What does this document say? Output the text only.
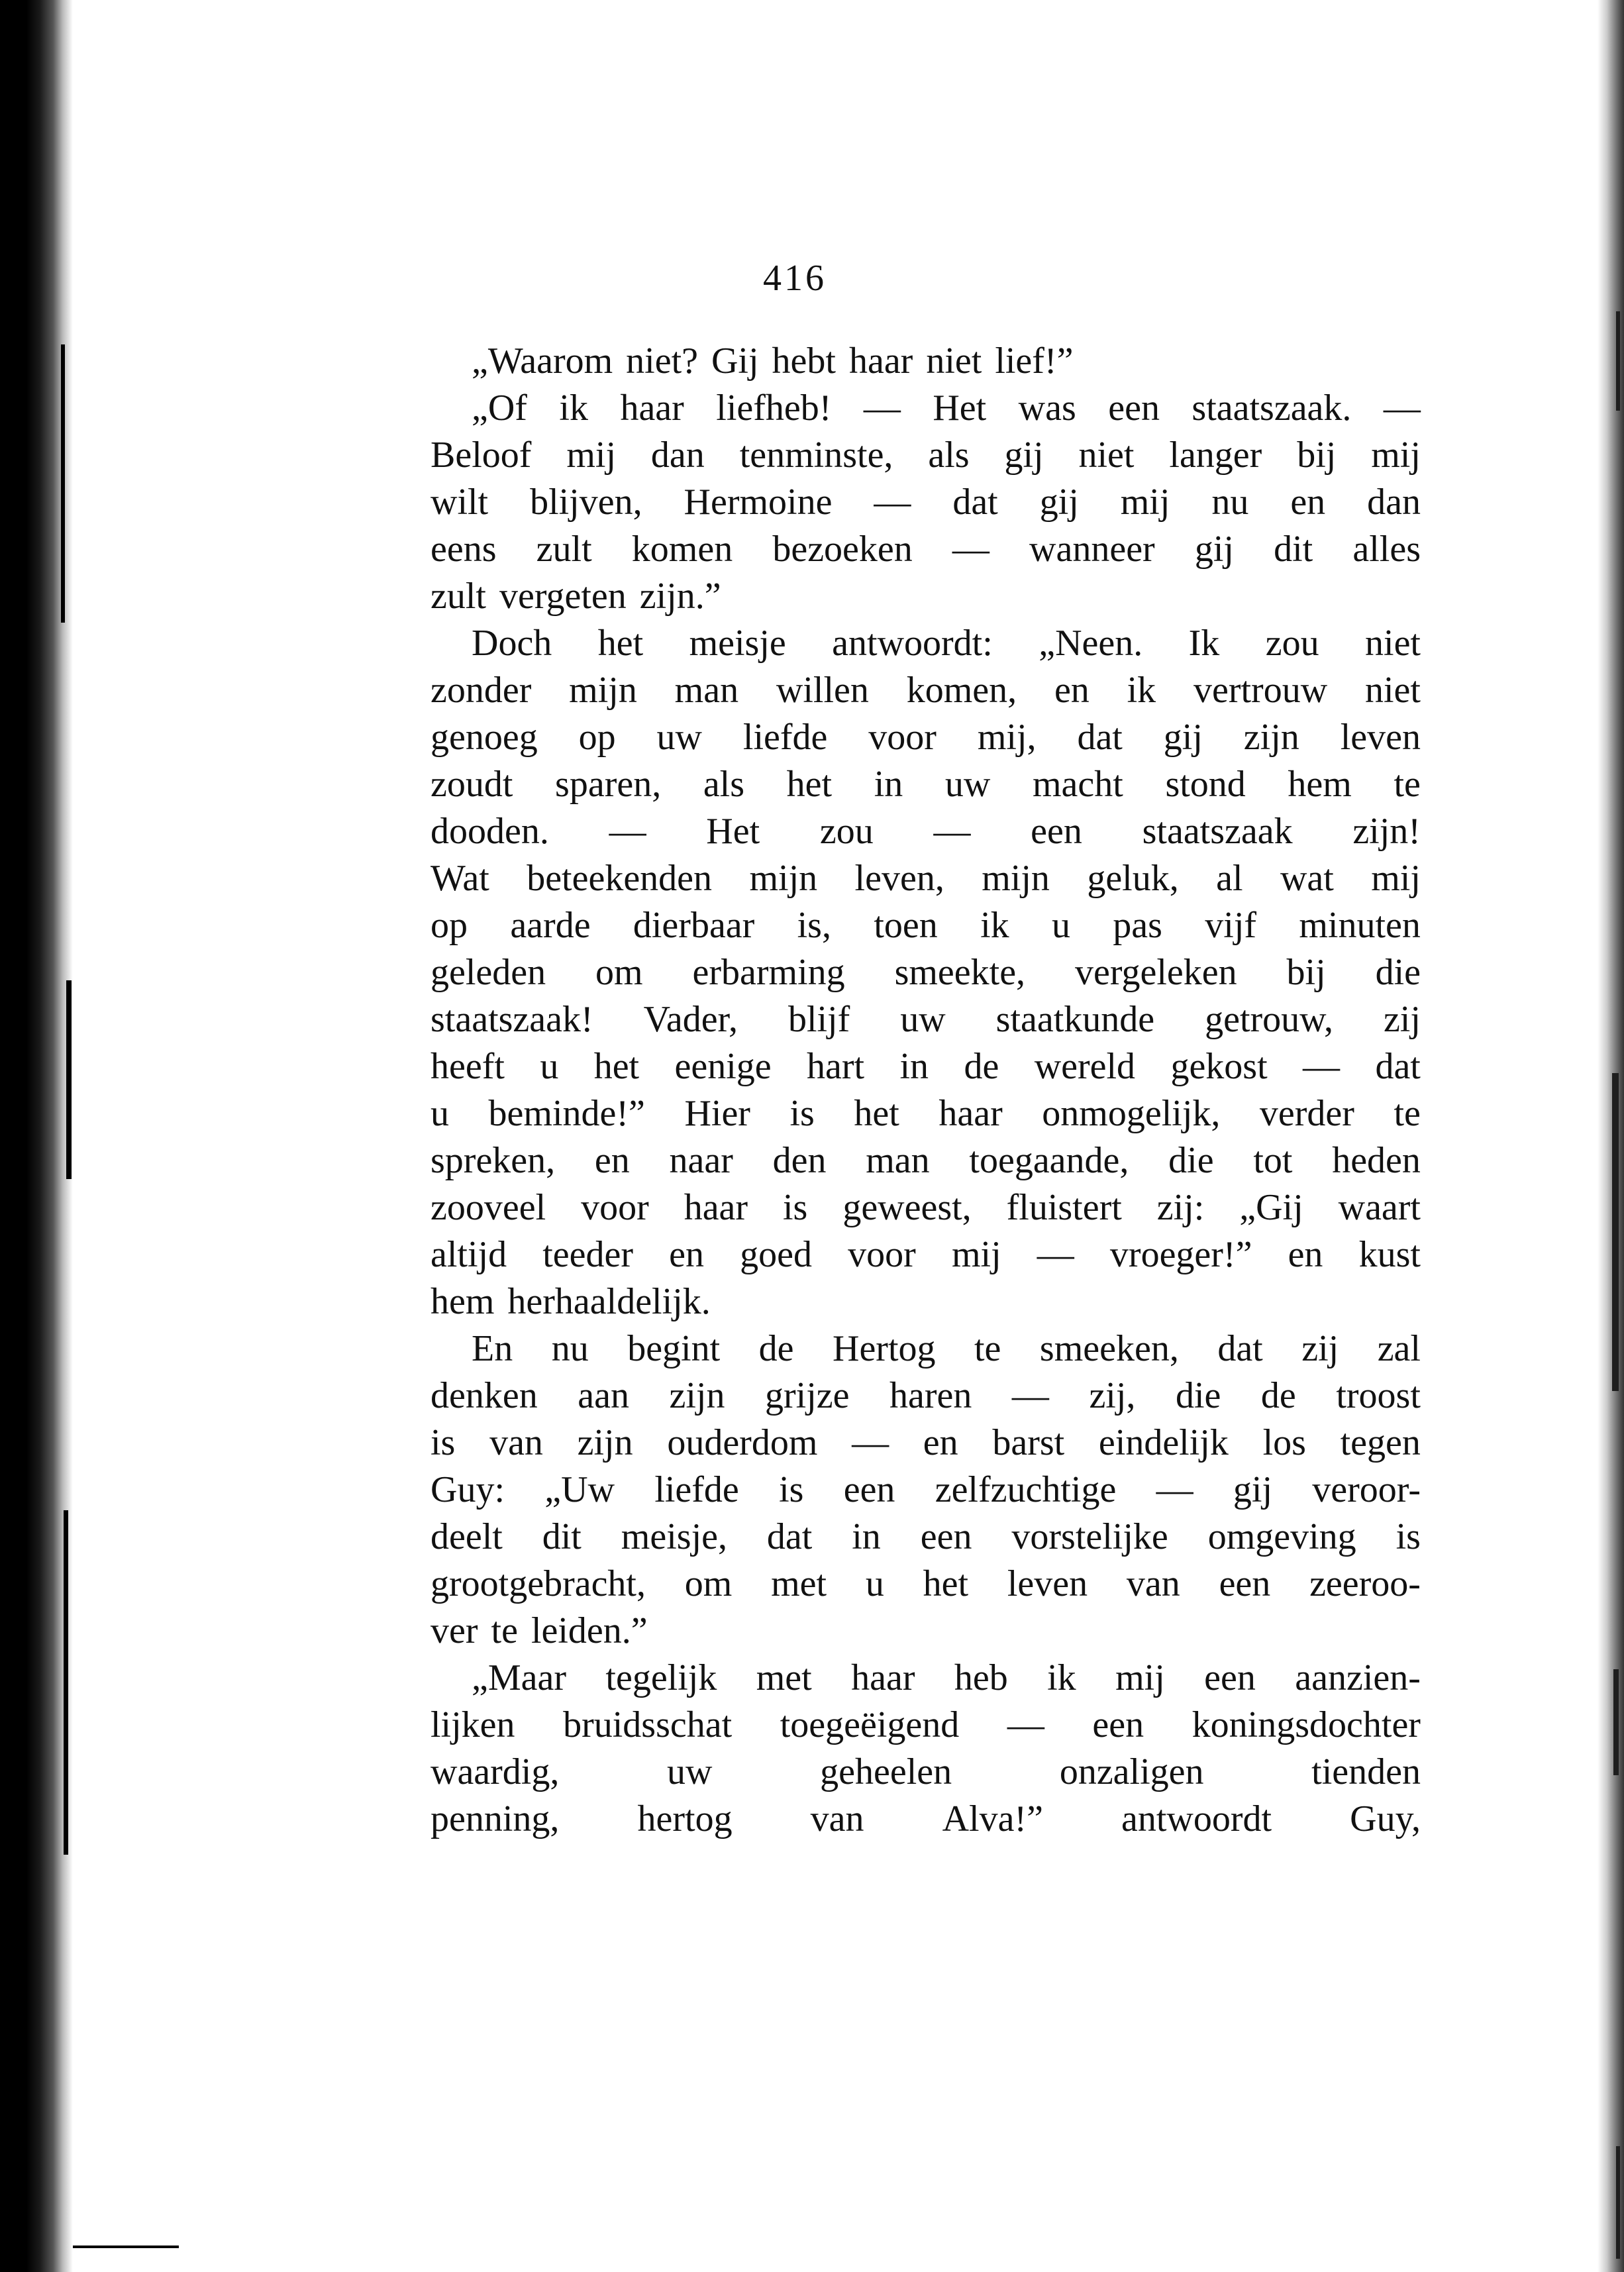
416
„Waarom niet? Gij hebt haar niet lief!”
„Of ik haar liefheb! — Het was een staatszaak. —
Beloof mij dan tenminste, als gij niet langer bij mij
wilt blijven, Hermoine — dat gij mij nu en dan
eens zult komen bezoeken — wanneer gij dit alles
zult vergeten zijn.”
Doch het meisje antwoordt: „Neen. Ik zou niet
zonder mijn man willen komen, en ik vertrouw niet
genoeg op uw liefde voor mij, dat gij zijn leven
zoudt sparen, als het in uw macht stond hem te
dooden. — Het zou — een staatszaak zijn!
Wat beteekenden mijn leven, mijn geluk, al wat mij
op aarde dierbaar is, toen ik u pas vijf minuten
geleden om erbarming smeekte, vergeleken bij die
staatszaak! Vader, blijf uw staatkunde getrouw, zij
heeft u het eenige hart in de wereld gekost — dat
u beminde!” Hier is het haar onmogelijk, verder te
spreken, en naar den man toegaande, die tot heden
zooveel voor haar is geweest, fluistert zij: „Gij waart
altijd teeder en goed voor mij — vroeger!” en kust
hem herhaaldelijk.
En nu begint de Hertog te smeeken, dat zij zal
denken aan zijn grijze haren — zij, die de troost
is van zijn ouderdom — en barst eindelijk los tegen
Guy: „Uw liefde is een zelfzuchtige — gij veroor-
deelt dit meisje, dat in een vorstelijke omgeving is
grootgebracht, om met u het leven van een zeeroo-
ver te leiden.”
„Maar tegelijk met haar heb ik mij een aanzien-
lijken bruidsschat toegeëigend — een koningsdochter
waardig,	uw	geheelen	onzaligen	tienden
penning, hertog van Alva!” antwoordt Guy,
